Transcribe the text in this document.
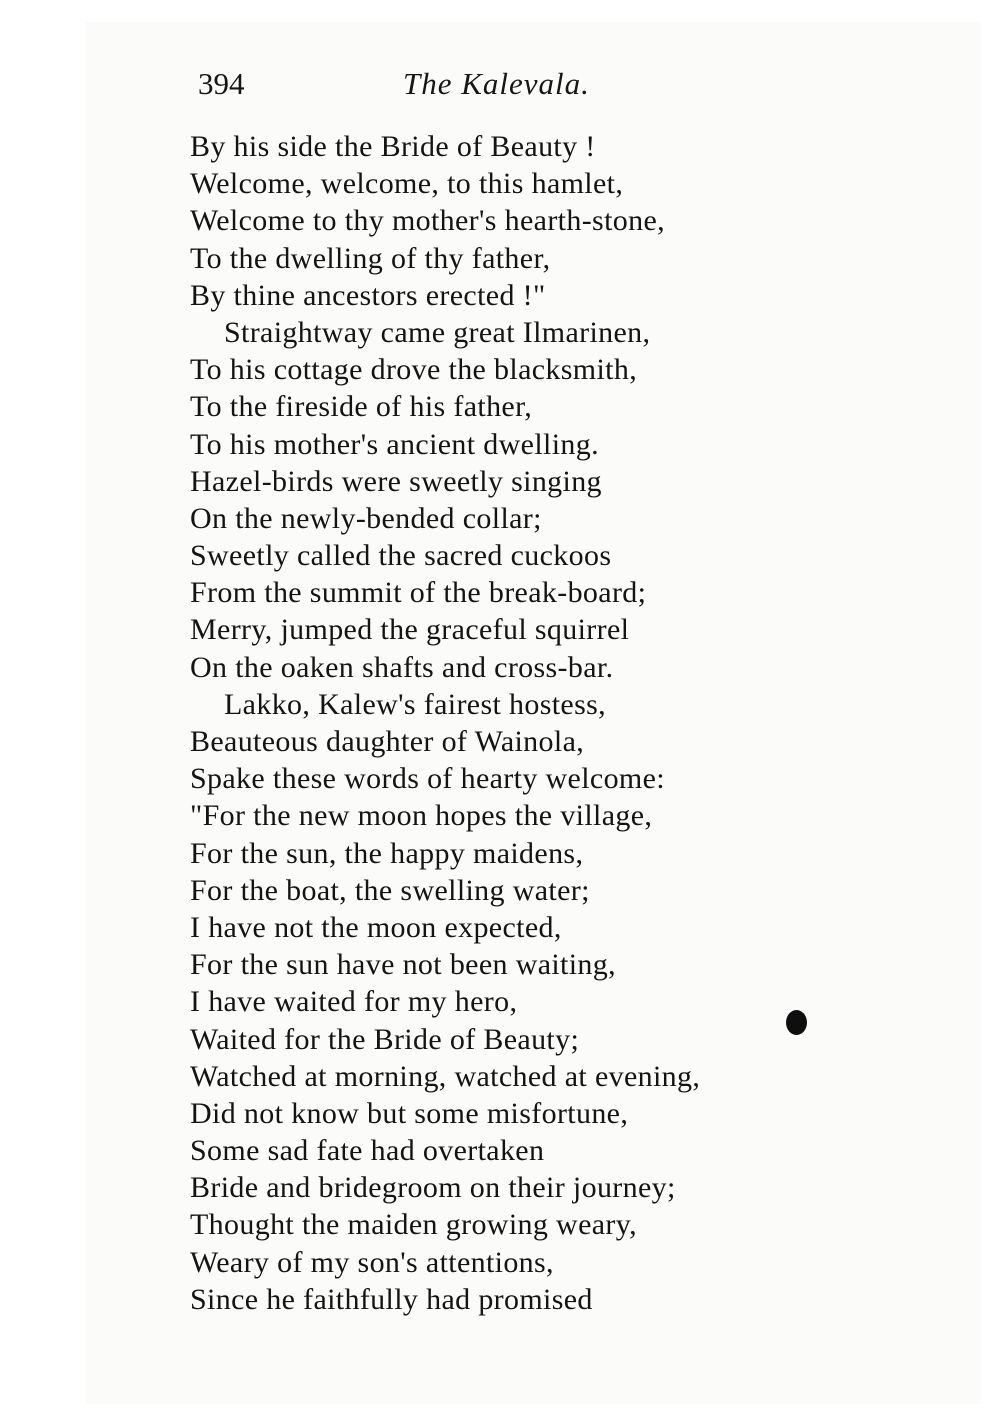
394	The Kalevala.
By his side the Bride of Beauty !
Welcome, welcome, to this hamlet,
Welcome to thy mother's hearth-stone,
To the dwelling of thy father,
By thine ancestors erected !"
Straightway came great Ilmarinen,
To his cottage drove the blacksmith,
To the fireside of his father,
To his mother's ancient dwelling.
Hazel-birds were sweetly singing
On the newly-bended collar;
Sweetly called the sacred cuckoos
From the summit of the break-board;
Merry, jumped the graceful squirrel
On the oaken shafts and cross-bar.
Lakko, Kalew's fairest hostess,
Beauteous daughter of Wainola,
Spake these words of hearty welcome:
"For the new moon hopes the village,
For the sun, the happy maidens,
For the boat, the swelling water;
I have not the moon expected,
For the sun have not been waiting,
I have waited for my hero,
Waited for the Bride of Beauty;
Watched at morning, watched at evening,
Did not know but some misfortune,
Some sad fate had overtaken
Bride and bridegroom on their journey;
Thought the maiden growing weary,
Weary of my son's attentions,
Since he faithfully had promised
